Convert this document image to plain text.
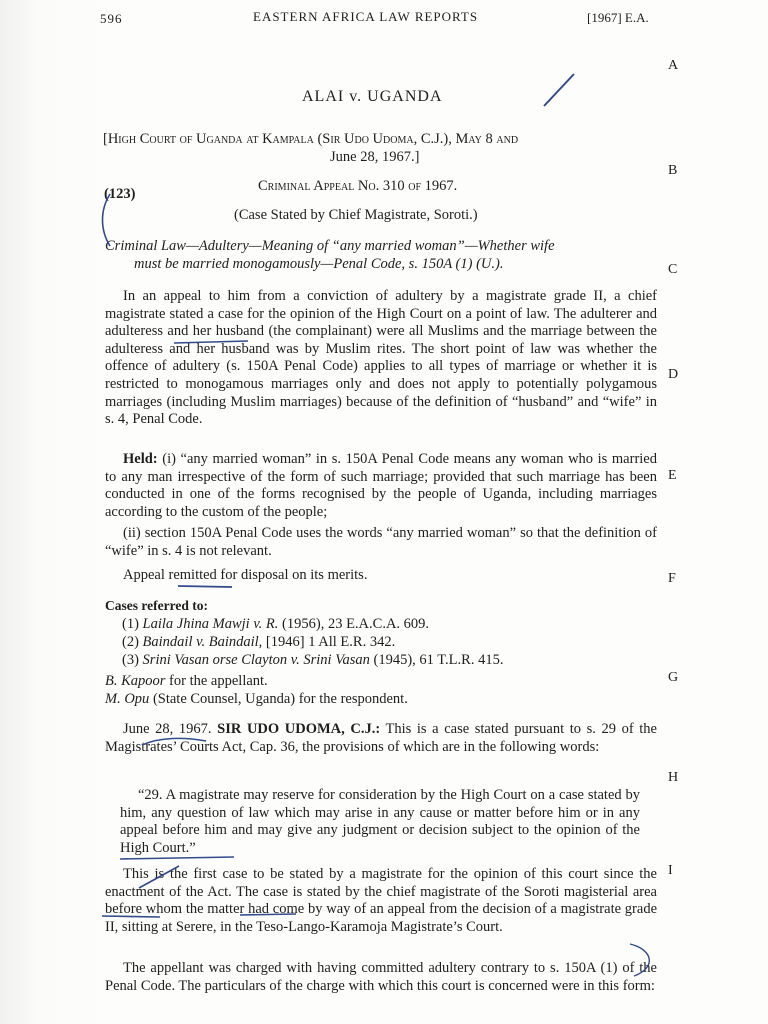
596	EASTERN AFRICA LAW REPORTS	[1967] E.A.
A
B
C
D
E
F
G
H
I
ALAI v. UGANDA
[High Court of Uganda at Kampala (Sir Udo Udoma, C.J.), May 8 and
June 28, 1967.]
(123)	Criminal Appeal No. 310 of 1967.
(Case Stated by Chief Magistrate, Soroti.)
Criminal Law—Adultery—Meaning of “any married woman”—Whether wife
must be married monogamously—Penal Code, s. 150A (1) (U.).

In an appeal to him from a conviction of adultery by a magistrate grade II, a chief magistrate stated a case for the opinion of the High Court on a point of law. The adulterer and adulteress and her husband (the complainant) were all Muslims and the marriage between the adulteress and her husband was by Muslim rites. The short point of law was whether the offence of adultery (s. 150A Penal Code) applies to all types of marriage or whether it is restricted to monogamous marriages only and does not apply to potentially polygamous marriages (including Muslim marriages) because of the definition of “husband” and “wife” in s. 4, Penal Code.

Held: (i) “any married woman” in s. 150A Penal Code means any woman who is married to any man irrespective of the form of such marriage; provided that such marriage has been conducted in one of the forms recognised by the people of Uganda, including marriages according to the custom of the people;

(ii) section 150A Penal Code uses the words “any married woman” so that the definition of “wife” in s. 4 is not relevant.

Appeal remitted for disposal on its merits.
Cases referred to:
(1) Laila Jhina Mawji v. R. (1956), 23 E.A.C.A. 609.
(2) Baindail v. Baindail, [1946] 1 All E.R. 342.
(3) Srini Vasan orse Clayton v. Srini Vasan (1945), 61 T.L.R. 415.
B. Kapoor for the appellant.
M. Opu (State Counsel, Uganda) for the respondent.

June 28, 1967. SIR UDO UDOMA, C.J.: This is a case stated pursuant to s. 29 of the Magistrates’ Courts Act, Cap. 36, the provisions of which are in the following words:

“29. A magistrate may reserve for consideration by the High Court on a case stated by him, any question of law which may arise in any cause or matter before him or in any appeal before him and may give any judgment or decision subject to the opinion of the High Court.”

This is the first case to be stated by a magistrate for the opinion of this court since the enactment of the Act. The case is stated by the chief magistrate of the Soroti magisterial area before whom the matter had come by way of an appeal from the decision of a magistrate grade II, sitting at Serere, in the Teso-Lango-Karamoja Magistrate’s Court.

The appellant was charged with having committed adultery contrary to s. 150A (1) of the Penal Code. The particulars of the charge with which this court is concerned were in this form:
